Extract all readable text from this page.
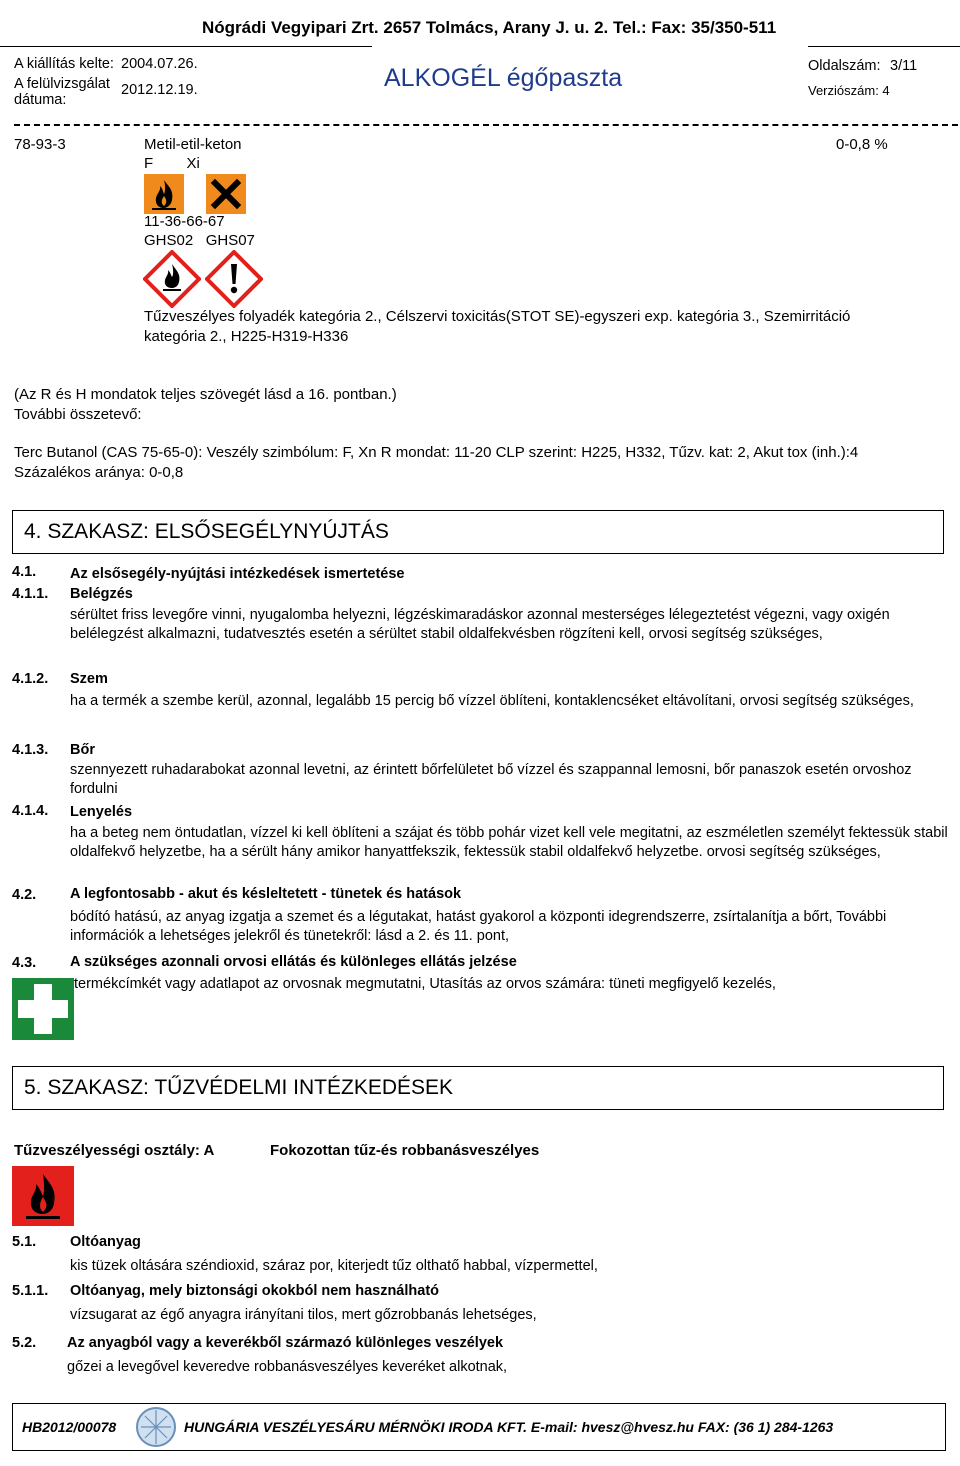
Nógrádi Vegyipari Zrt. 2657 Tolmács, Arany J. u. 2. Tel.: Fax: 35/350-511
A kiállítás kelte: 2004.07.26.
A felülvizsgálat
dátuma:
2012.12.19.	ALKOGÉL égőpaszta	Oldalszám: 3/11
Verziószám: 4
78-93-3	Metil-etil-keton	0-0,8 %
F        Xi
11-36-66-67
GHS02   GHS07
Tűzveszélyes folyadék kategória 2., Célszervi toxicitás(STOT SE)-egyszeri exp. kategória 3., Szemirritáció
kategória 2., H225-H319-H336
(Az R és H mondatok teljes szövegét lásd a 16. pontban.)
További összetevő:
Terc Butanol (CAS 75-65-0): Veszély szimbólum: F, Xn R mondat: 11-20 CLP szerint: H225, H332, Tűzv. kat: 2, Akut tox (inh.):4
Százalékos aránya: 0-0,8
4. SZAKASZ: ELSŐSEGÉLYNYÚJTÁS
4.1. Az elsősegély-nyújtási intézkedések ismertetése
4.1.1. Belégzés
sérültet friss levegőre vinni, nyugalomba helyezni, légzéskimaradáskor azonnal mesterséges lélegeztetést végezni, vagy oxigén belélegzést alkalmazni, tudatvesztés esetén a sérültet stabil oldalfekvésben rögzíteni kell, orvosi segítség szükséges,
4.1.2. Szem
ha a termék a szembe kerül, azonnal, legalább 15 percig bő vízzel öblíteni, kontaklencséket eltávolítani, orvosi segítség szükséges,
4.1.3. Bőr
szennyezett ruhadarabokat azonnal levetni, az érintett bőrfelületet bő vízzel és szappannal lemosni, bőr panaszok esetén orvoshoz fordulni
4.1.4. Lenyelés
ha a beteg nem öntudatlan, vízzel ki kell öblíteni a szájat és több pohár vizet kell vele megitatni, az eszméletlen személyt fektessük stabil oldalfekvő helyzetbe, ha a sérült hány amikor hanyattfekszik, fektessük stabil oldalfekvő helyzetbe. orvosi segítség szükséges,
4.2. A legfontosabb - akut és késleltetett - tünetek és hatások
bódító hatású, az anyag izgatja a szemet és a légutakat, hatást gyakorol a központi idegrendszerre, zsírtalanítja a bőrt, További információk a lehetséges jelekről és tünetekről: lásd a 2. és 11. pont,
4.3. A szükséges azonnali orvosi ellátás és különleges ellátás jelzése
termékcímkét vagy adatlapot az orvosnak megmutatni, Utasítás az orvos számára: tüneti megfigyelő kezelés,
5. SZAKASZ: TŰZVÉDELMI INTÉZKEDÉSEK
Tűzveszélyességi osztály: A	Fokozottan tűz-és robbanásveszélyes
5.1. Oltóanyag
kis tüzek oltására széndioxid, száraz por, kiterjedt tűz olthatő habbal, vízpermettel,
5.1.1. Oltóanyag, mely biztonsági okokból nem használható
vízsugarat az égő anyagra irányítani tilos, mert gőzrobbanás lehetséges,
5.2. Az anyagból vagy a keverékből származó különleges veszélyek
gőzei a levegővel keveredve robbanásveszélyes keveréket alkotnak,
HB2012/00078	HUNGÁRIA VESZÉLYESÁRU MÉRNÖKI IRODA KFT. E-mail: hvesz@hvesz.hu FAX: (36 1) 284-1263
